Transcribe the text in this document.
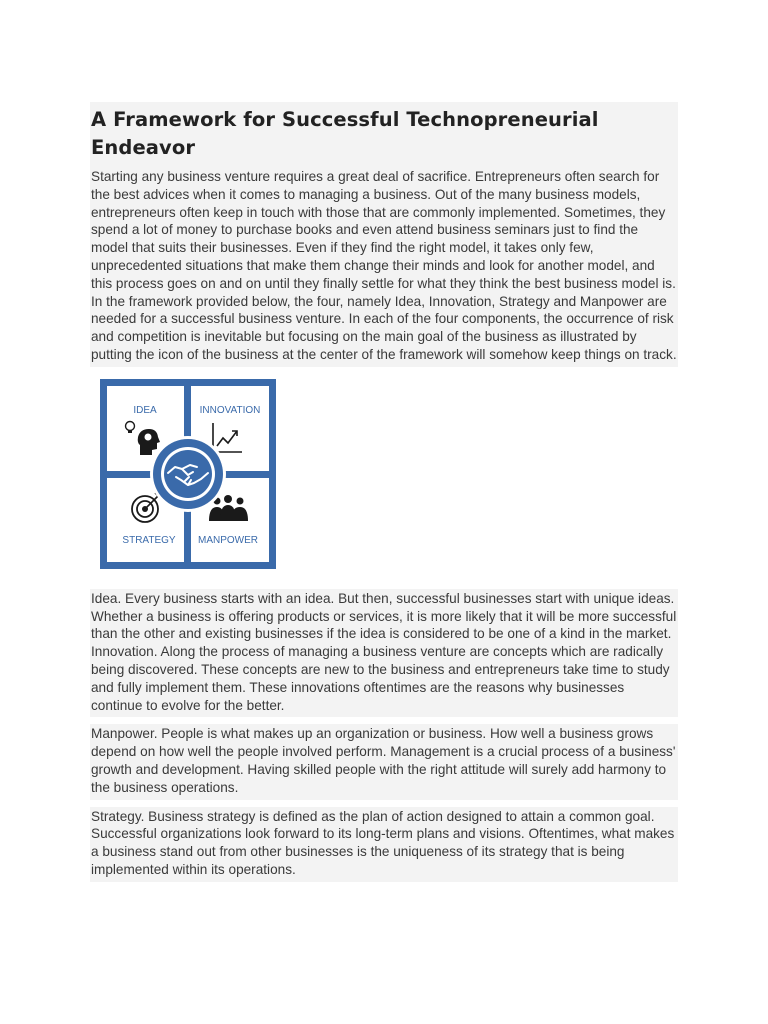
A Framework for Successful Technopreneurial Endeavor

Starting any business venture requires a great deal of sacrifice. Entrepreneurs often search for the best advices when it comes to managing a business. Out of the many business models, entrepreneurs often keep in touch with those that are commonly implemented. Sometimes, they spend a lot of money to purchase books and even attend business seminars just to find the model that suits their businesses. Even if they find the right model, it takes only few, unprecedented situations that make them change their minds and look for another model, and this process goes on and on until they finally settle for what they think the best business model is. In the framework provided below, the four, namely Idea, Innovation, Strategy and Manpower are needed for a successful business venture. In each of the four components, the occurrence of risk and competition is inevitable but focusing on the main goal of the business as illustrated by putting the icon of the business at the center of the framework will somehow keep things on track.

IDEA	INNOVATION
STRATEGY MANPOWER

Idea. Every business starts with an idea. But then, successful businesses start with unique ideas. Whether a business is offering products or services, it is more likely that it will be more successful than the other and existing businesses if the idea is considered to be one of a kind in the market. Innovation. Along the process of managing a business venture are concepts which are radically being discovered. These concepts are new to the business and entrepreneurs take time to study and fully implement them. These innovations oftentimes are the reasons why businesses continue to evolve for the better.

Manpower. People is what makes up an organization or business. How well a business grows depend on how well the people involved perform. Management is a crucial process of a business' growth and development. Having skilled people with the right attitude will surely add harmony to the business operations.

Strategy. Business strategy is defined as the plan of action designed to attain a common goal. Successful organizations look forward to its long-term plans and visions. Oftentimes, what makes a business stand out from other businesses is the uniqueness of its strategy that is being implemented within its operations.
